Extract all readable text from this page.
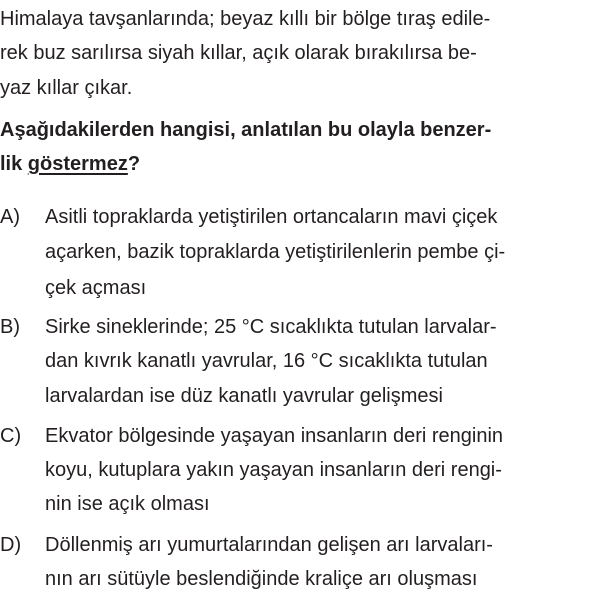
Himalaya tavşanlarında; beyaz kıllı bir bölge tıraş edile-
rek buz sarılırsa siyah kıllar, açık olarak bırakılırsa be-
yaz kıllar çıkar.
Aşağıdakilerden hangisi, anlatılan bu olayla benzer-
lik göstermez?
A) Asitli topraklarda yetiştirilen ortancaların mavi çiçek
açarken, bazik topraklarda yetiştirilenlerin pembe çi-
çek açması
B) Sirke sineklerinde; 25 °C sıcaklıkta tutulan larvalar-
dan kıvrık kanatlı yavrular, 16 °C sıcaklıkta tutulan
larvalardan ise düz kanatlı yavrular gelişmesi
C) Ekvator bölgesinde yaşayan insanların deri renginin
koyu, kutuplara yakın yaşayan insanların deri rengi-
nin ise açık olması
D) Döllenmiş arı yumurtalarından gelişen arı larvaları-
nın arı sütüyle beslendiğinde kraliçe arı oluşması
